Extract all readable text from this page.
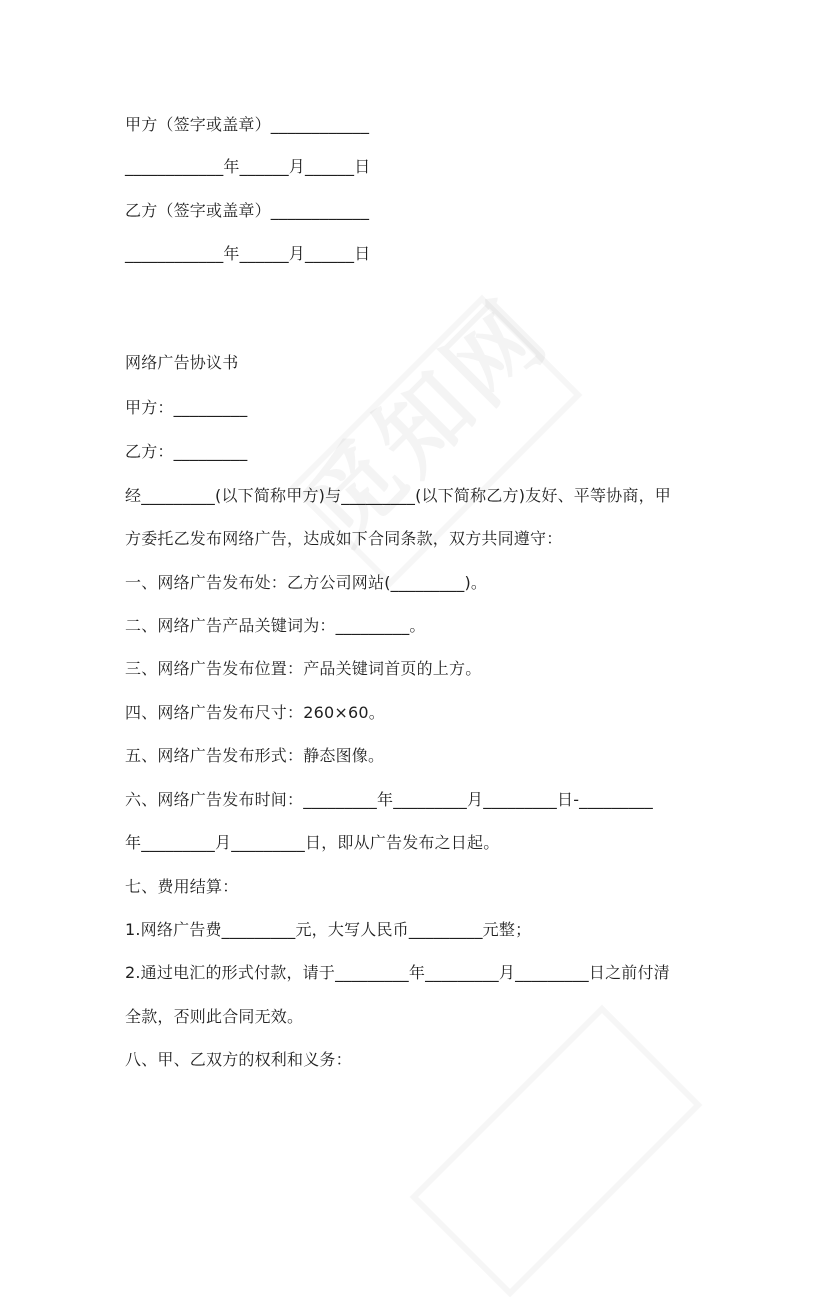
甲方（签字或盖章）____________
____________年______月______日
乙方（签字或盖章）____________
____________年______月______日
网络广告协议书
甲方：_________
乙方：_________
经_________(以下简称甲方)与_________(以下简称乙方)友好、平等协商，甲
方委托乙发布网络广告，达成如下合同条款，双方共同遵守：
一、网络广告发布处：乙方公司网站(_________)。
二、网络广告产品关键词为：_________。
三、网络广告发布位置：产品关键词首页的上方。
四、网络广告发布尺寸：260×60。
五、网络广告发布形式：静态图像。
六、网络广告发布时间：_________年_________月_________日-_________
年_________月_________日，即从广告发布之日起。
七、费用结算：
1.网络广告费_________元，大写人民币_________元整；
2.通过电汇的形式付款，请于_________年_________月_________日之前付清
全款，否则此合同无效。
八、甲、乙双方的权利和义务：
